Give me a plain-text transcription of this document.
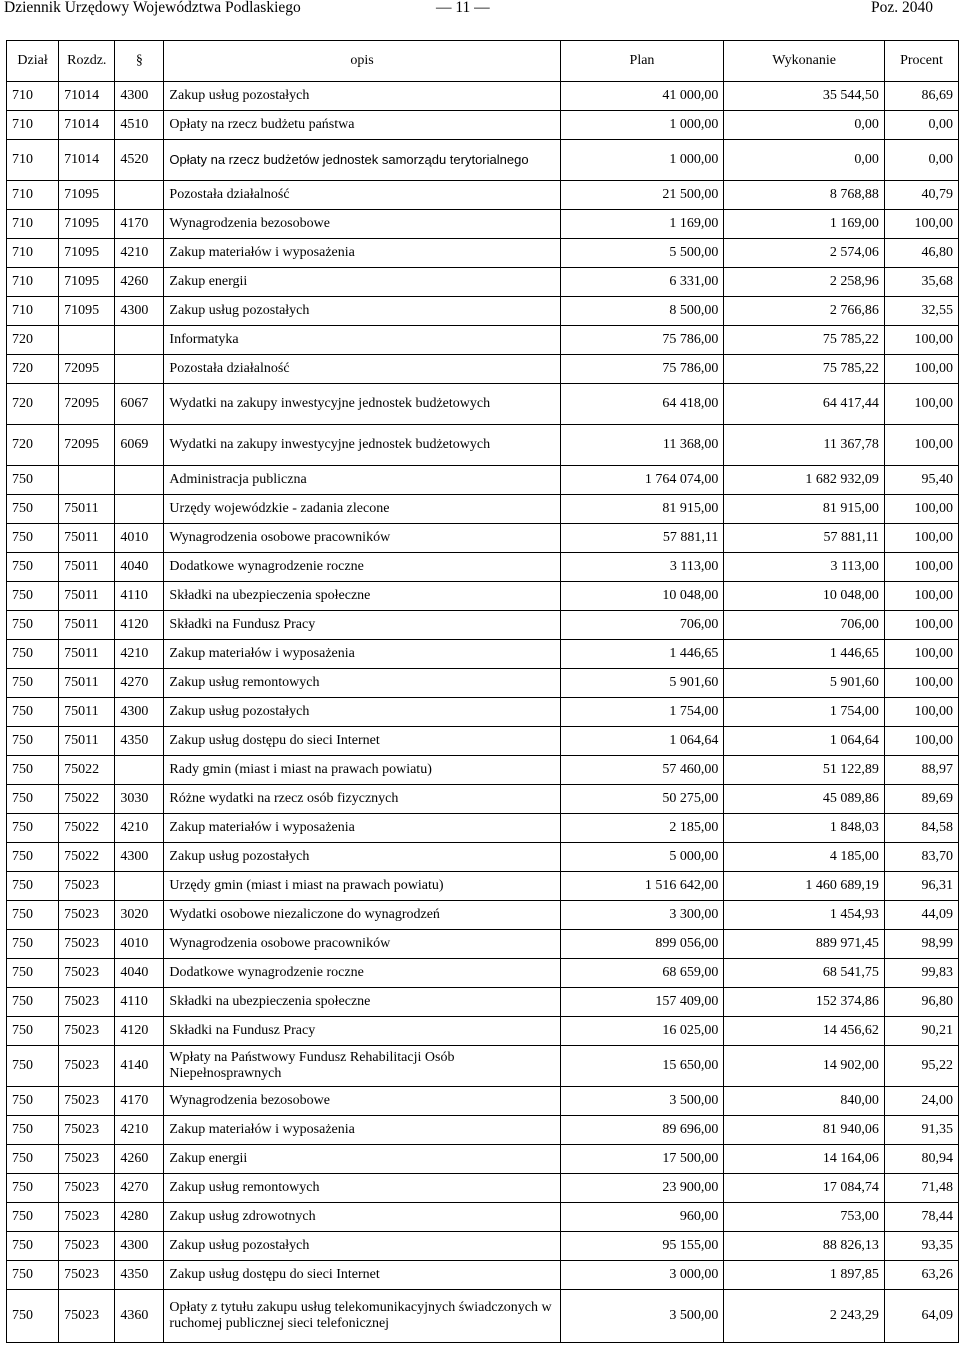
Dziennik Urzędowy Województwa Podlaskiego	— 11 —	Poz. 2040
Dział	Rozdz.	§	opis	Plan	Wykonanie	Procent
710	71014	4300	Zakup usług pozostałych	41 000,00	35 544,50	86,69
710	71014	4510	Opłaty na rzecz budżetu państwa	1 000,00	0,00	0,00
710	71014	4520	Opłaty na rzecz budżetów jednostek samorządu terytorialnego	1 000,00	0,00	0,00
710	71095		Pozostała działalność	21 500,00	8 768,88	40,79
710	71095	4170	Wynagrodzenia bezosobowe	1 169,00	1 169,00	100,00
710	71095	4210	Zakup materiałów i wyposażenia	5 500,00	2 574,06	46,80
710	71095	4260	Zakup energii	6 331,00	2 258,96	35,68
710	71095	4300	Zakup usług pozostałych	8 500,00	2 766,86	32,55
720			Informatyka	75 786,00	75 785,22	100,00
720	72095		Pozostała działalność	75 786,00	75 785,22	100,00
720	72095	6067	Wydatki na zakupy inwestycyjne jednostek budżetowych	64 418,00	64 417,44	100,00
720	72095	6069	Wydatki na zakupy inwestycyjne jednostek budżetowych	11 368,00	11 367,78	100,00
750			Administracja publiczna	1 764 074,00	1 682 932,09	95,40
750	75011		Urzędy wojewódzkie - zadania zlecone	81 915,00	81 915,00	100,00
750	75011	4010	Wynagrodzenia osobowe pracowników	57 881,11	57 881,11	100,00
750	75011	4040	Dodatkowe wynagrodzenie roczne	3 113,00	3 113,00	100,00
750	75011	4110	Składki na ubezpieczenia społeczne	10 048,00	10 048,00	100,00
750	75011	4120	Składki na Fundusz Pracy	706,00	706,00	100,00
750	75011	4210	Zakup materiałów i wyposażenia	1 446,65	1 446,65	100,00
750	75011	4270	Zakup usług remontowych	5 901,60	5 901,60	100,00
750	75011	4300	Zakup usług pozostałych	1 754,00	1 754,00	100,00
750	75011	4350	Zakup usług dostępu do sieci Internet	1 064,64	1 064,64	100,00
750	75022		Rady gmin (miast i miast na prawach powiatu)	57 460,00	51 122,89	88,97
750	75022	3030	Różne wydatki na rzecz osób fizycznych	50 275,00	45 089,86	89,69
750	75022	4210	Zakup materiałów i wyposażenia	2 185,00	1 848,03	84,58
750	75022	4300	Zakup usług pozostałych	5 000,00	4 185,00	83,70
750	75023		Urzędy gmin (miast i miast na prawach powiatu)	1 516 642,00	1 460 689,19	96,31
750	75023	3020	Wydatki osobowe niezaliczone do wynagrodzeń	3 300,00	1 454,93	44,09
750	75023	4010	Wynagrodzenia osobowe pracowników	899 056,00	889 971,45	98,99
750	75023	4040	Dodatkowe wynagrodzenie roczne	68 659,00	68 541,75	99,83
750	75023	4110	Składki na ubezpieczenia społeczne	157 409,00	152 374,86	96,80
750	75023	4120	Składki na Fundusz Pracy	16 025,00	14 456,62	90,21
750	75023	4140	Wpłaty na Państwowy Fundusz Rehabilitacji Osób Niepełnosprawnych	15 650,00	14 902,00	95,22
750	75023	4170	Wynagrodzenia bezosobowe	3 500,00	840,00	24,00
750	75023	4210	Zakup materiałów i wyposażenia	89 696,00	81 940,06	91,35
750	75023	4260	Zakup energii	17 500,00	14 164,06	80,94
750	75023	4270	Zakup usług remontowych	23 900,00	17 084,74	71,48
750	75023	4280	Zakup usług zdrowotnych	960,00	753,00	78,44
750	75023	4300	Zakup usług pozostałych	95 155,00	88 826,13	93,35
750	75023	4350	Zakup usług dostępu do sieci Internet	3 000,00	1 897,85	63,26
750	75023	4360	Opłaty z tytułu zakupu usług telekomunikacyjnych świadczonych w ruchomej publicznej sieci telefonicznej	3 500,00	2 243,29	64,09
